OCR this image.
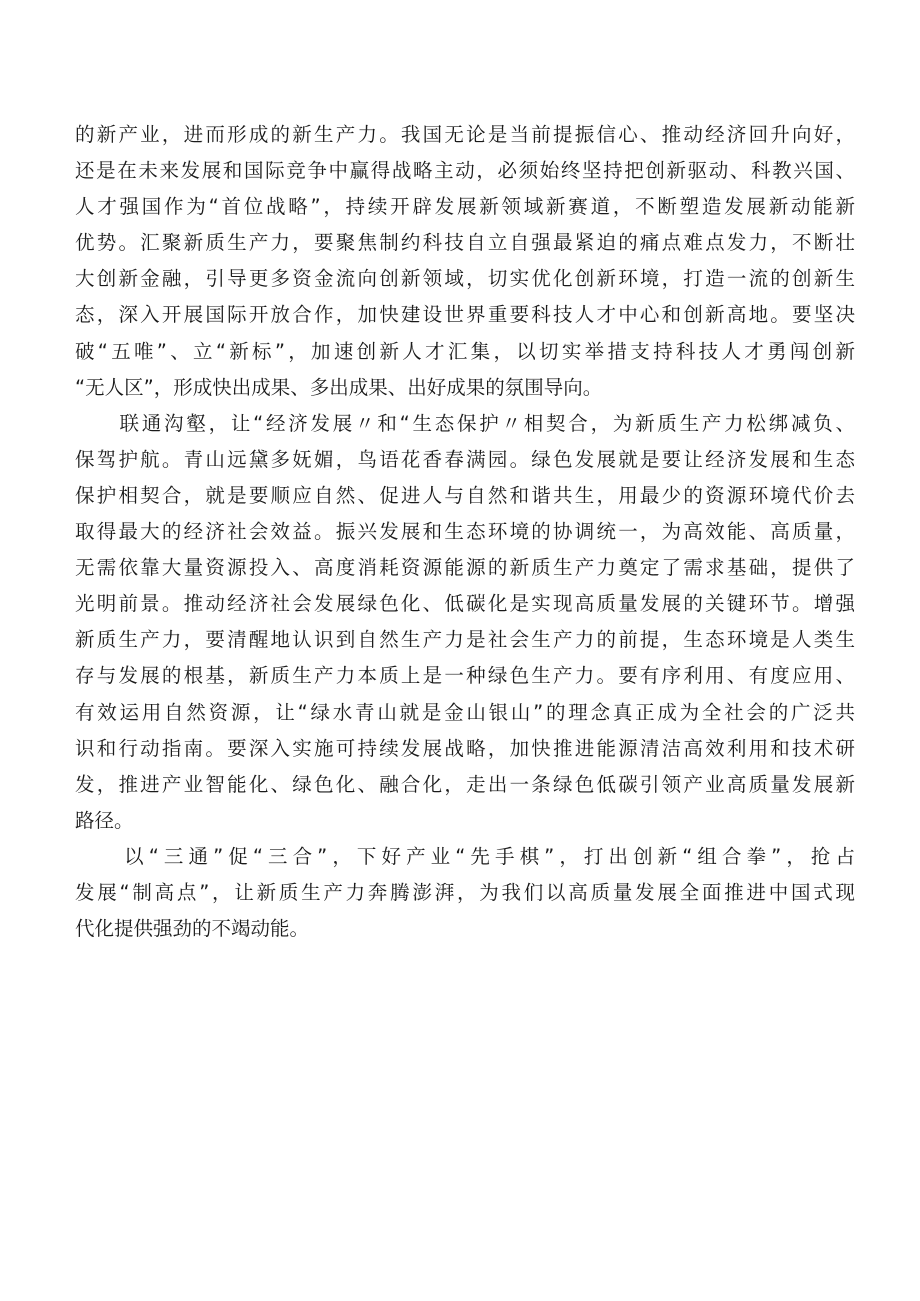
的新产业，进而形成的新生产力。我国无论是当前提振信心、推动经济回升向好，
还是在未来发展和国际竞争中赢得战略主动，必须始终坚持把创新驱动、科教兴国、
人才强国作为“首位战略”，持续开辟发展新领域新赛道，不断塑造发展新动能新
优势。汇聚新质生产力，要聚焦制约科技自立自强最紧迫的痛点难点发力，不断壮
大创新金融，引导更多资金流向创新领域，切实优化创新环境，打造一流的创新生
态，深入开展国际开放合作，加快建设世界重要科技人才中心和创新高地。要坚决
破“五唯”、立“新标”，加速创新人才汇集，以切实举措支持科技人才勇闯创新
“无人区”，形成快出成果、多出成果、出好成果的氛围导向。

　　联通沟壑，让“经济发展〃和“生态保护〃相契合，为新质生产力松绑减负、
保驾护航。青山远黛多妩媚，鸟语花香春满园。绿色发展就是要让经济发展和生态
保护相契合，就是要顺应自然、促进人与自然和谐共生，用最少的资源环境代价去
取得最大的经济社会效益。振兴发展和生态环境的协调统一，为高效能、高质量，
无需依靠大量资源投入、高度消耗资源能源的新质生产力奠定了需求基础，提供了
光明前景。推动经济社会发展绿色化、低碳化是实现高质量发展的关键环节。增强
新质生产力，要清醒地认识到自然生产力是社会生产力的前提，生态环境是人类生
存与发展的根基，新质生产力本质上是一种绿色生产力。要有序利用、有度应用、
有效运用自然资源，让“绿水青山就是金山银山”的理念真正成为全社会的广泛共
识和行动指南。要深入实施可持续发展战略，加快推进能源清洁高效利用和技术研
发，推进产业智能化、绿色化、融合化，走出一条绿色低碳引领产业高质量发展新
路径。

　　以“三通”促“三合”，下好产业“先手棋”，打出创新“组合拳”，抢占
发展“制高点”，让新质生产力奔腾澎湃，为我们以高质量发展全面推进中国式现
代化提供强劲的不竭动能。
